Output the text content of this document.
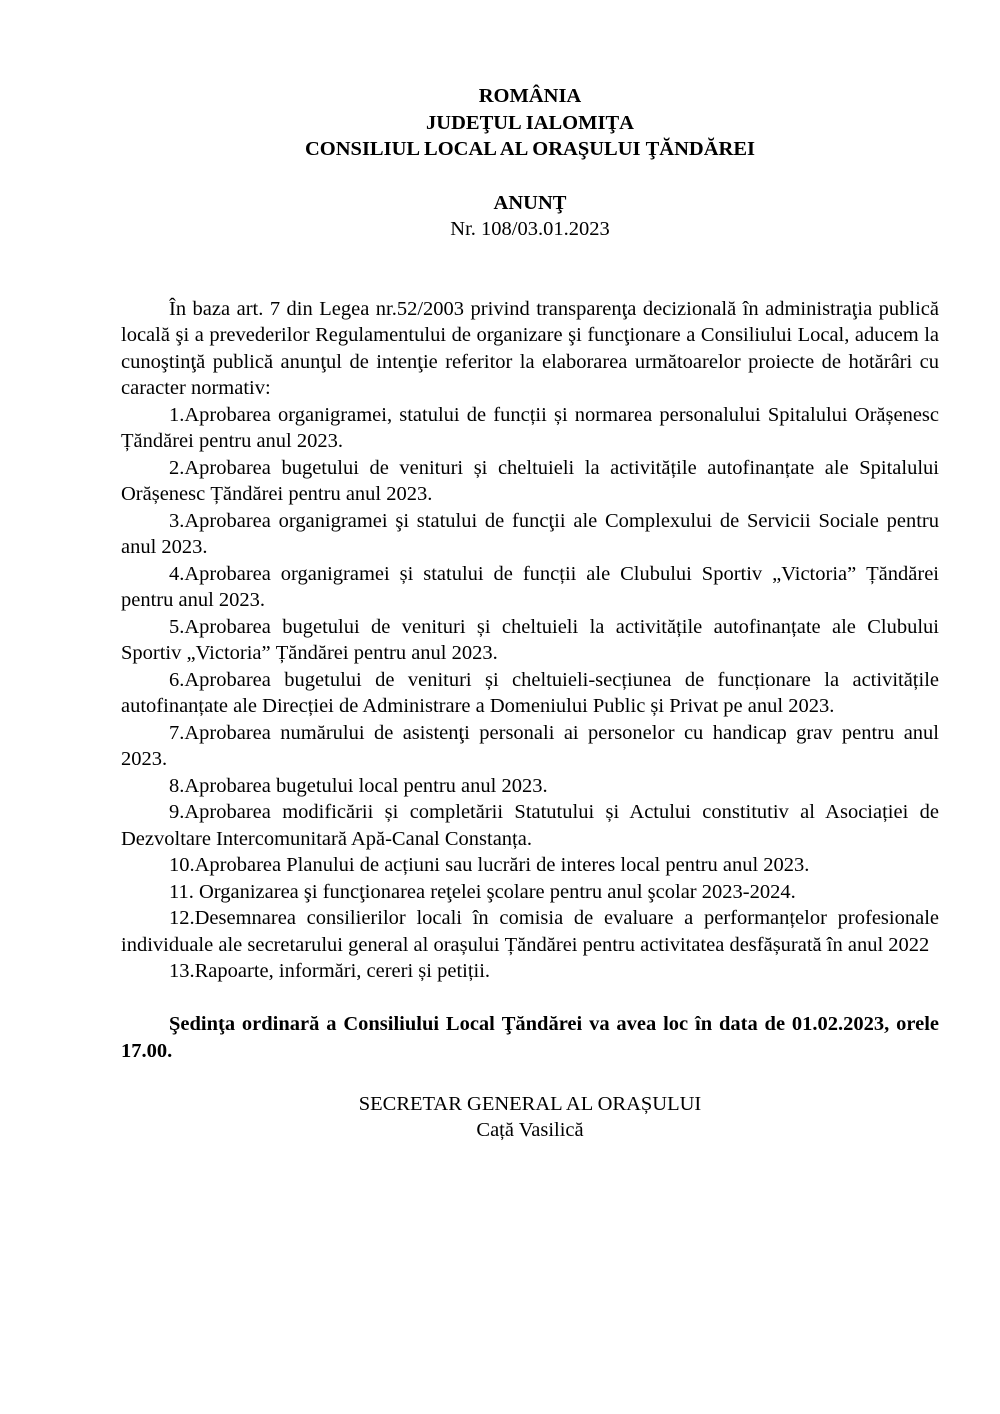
ROMÂNIA
JUDEŢUL IALOMIŢA
CONSILIUL LOCAL AL ORAŞULUI ŢĂNDĂREI
ANUNŢ
Nr. 108/03.01.2023

În baza art. 7 din Legea nr.52/2003 privind transparenţa decizională în administraţia publică locală şi a prevederilor Regulamentului de organizare şi funcţionare a Consiliului Local, aducem la cunoştinţă publică anunţul de intenţie referitor la elaborarea următoarelor proiecte de hotărâri cu caracter normativ:

1.Aprobarea organigramei, statului de funcții și normarea personalului Spitalului Orășenesc Țăndărei pentru anul 2023.

2.Aprobarea bugetului de venituri și cheltuieli la activitățile autofinanțate ale Spitalului Orășenesc Țăndărei pentru anul 2023.

3.Aprobarea organigramei şi statului de funcţii ale Complexului de Servicii Sociale pentru anul 2023.

4.Aprobarea organigramei și statului de funcții ale Clubului Sportiv „Victoria” Țăndărei pentru anul 2023.

5.Aprobarea bugetului de venituri și cheltuieli la activitățile autofinanțate ale Clubului Sportiv „Victoria” Țăndărei pentru anul 2023.

6.Aprobarea bugetului de venituri și cheltuieli-secțiunea de funcționare la activitățile autofinanțate ale Direcției de Administrare a Domeniului Public și Privat pe anul 2023.

7.Aprobarea numărului de asistenţi personali ai personelor cu handicap grav pentru anul 2023.

8.Aprobarea bugetului local pentru anul 2023.

9.Aprobarea modificării și completării Statutului și Actului constitutiv al Asociației de Dezvoltare Intercomunitară Apă-Canal Constanța.

10.Aprobarea Planului de acțiuni sau lucrări de interes local pentru anul 2023.

11. Organizarea şi funcţionarea reţelei şcolare pentru anul şcolar 2023-2024.

12.Desemnarea consilierilor locali în comisia de evaluare a performanțelor profesionale individuale ale secretarului general al orașului Țăndărei pentru activitatea desfășurată în anul 2022

13.Rapoarte, informări, cereri și petiții.

Şedinţa ordinară a Consiliului Local Ţăndărei va avea loc în data de 01.02.2023, orele 17.00.

SECRETAR GENERAL AL ORAȘULUI
Cață Vasilică
